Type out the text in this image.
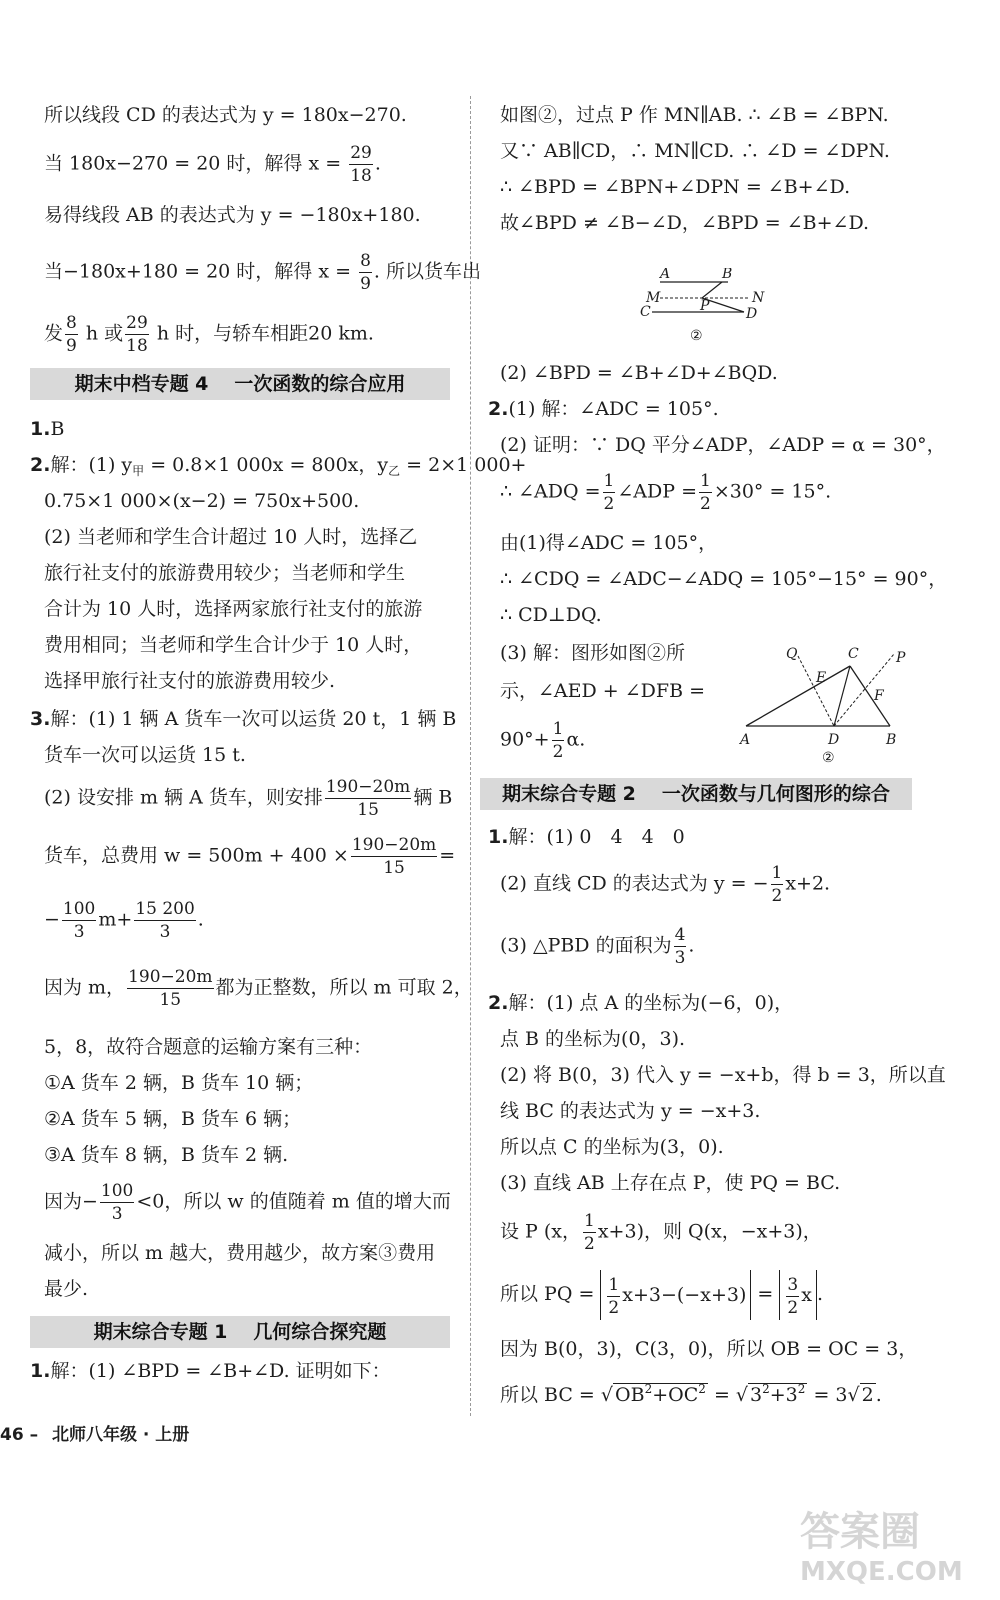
所以线段 CD 的表达式为 y = 180x−270.
当 180x−270 = 20 时，解得 $x = \frac{29}{18}$ .
易得线段 AB 的表达式为 y = −180x+180.
当−180x+180 = 20 时，解得 $x = \frac{8}{9}$ . 所以货车出
发 $\frac{8}{9}$ h 或 $\frac{29}{18}$ h 时，与轿车相距20 km.
期末中档专题 4 一次函数的综合应用
1.B
2.解：(1) $y_甲 = 0.8\times 1$ 000x = 800x，$y_乙 = 2\times 1$ 000+
0.75×1 000×(x−2) = 750x+500.
(2) 当老师和学生合计超过 10 人时，选择乙
旅行社支付的旅游费用较少；当老师和学生
合计为 10 人时，选择两家旅行社支付的旅游
费用相同；当老师和学生合计少于 10 人时，
选择甲旅行社支付的旅游费用较少.
3.解：(1) 1 辆 A 货车一次可以运货 20 t，1 辆 B
货车一次可以运货 15 t.
(2) 设安排 m 辆 A 货车，则安排 $\frac{190-20m}{15}$ 辆 B
货车，总费用 $w = 500m + 400 \times \frac{190-20m}{15}$ =
− $\frac{100}{3} m+ \frac{15 200}{3}$ .
因为 m， $\frac{190-20m}{15}$ 都为正整数，所以 m 可取 2，
5，8，故符合题意的运输方案有三种：
①A 货车 2 辆，B 货车 10 辆；
②A 货车 5 辆，B 货车 6 辆；
③A 货车 8 辆，B 货车 2 辆.
因为− $\frac{100}{3} <0$，所以 w 的值随着 m 值的增大而
减小，所以 m 越大，费用越少，故方案③费用
最少.
期末综合专题 1 几何综合探究题
1.解：(1) ∠BPD = ∠B+∠D. 证明如下：
如图②，过点 P 作 MN∥AB. ∴ ∠B = ∠BPN.
又∵ AB∥CD，∴ MN∥CD. ∴ ∠D = ∠DPN.
∴ ∠BPD = ∠BPN+∠DPN = ∠B+∠D.
故∠BPD ≠ ∠B−∠D，∠BPD = ∠B+∠D.
A	B
M	N
P
C	D
②
(2) ∠BPD = ∠B+∠D+∠BQD.
2.(1) 解：∠ADC = 105°.
(2) 证明：∵ DQ 平分∠ADP，∠ADP = α = 30°，
∴ ∠ADQ = $\frac{1}{2}$ ∠ADP = $\frac{1}{2} \times 30^\circ = 15^\circ$.
由(1)得∠ADC = 105°，
∴ ∠CDQ = ∠ADC−∠ADQ = 105°−15° = 90°，
∴ CD⊥DQ.
(3) 解：图形如图②所
示，∠AED + ∠DFB =
$90^\circ+ \frac{1}{2} \alpha$.
Q	C	P
E
F
A	D	B
②
期末综合专题 2 一次函数与几何图形的综合
1.解：(1) 0　4　4　0
(2) 直线 CD 的表达式为 y = − $\frac{1}{2} x+2$.
(3) △PBD 的面积为 $\frac{4}{3}$ .
2.解：(1) 点 A 的坐标为(−6，0)，
点 B 的坐标为(0，3).
(2) 将 B(0，3) 代入 y = −x+b，得 b = 3，所以直
线 BC 的表达式为 y = −x+3.
所以点 C 的坐标为(3，0).
(3) 直线 AB 上存在点 P，使 PQ = BC.
设 P (x， $\frac{1}{2} x+3$)，则 Q(x，−x+3)，
所以 PQ = $\frac{1}{2} x+3-(-x+3) = \frac{3}{2}$ x .
因为 B(0，3)，C(3，0)，所以 OB = OC = 3，
所以 BC = √ $OB^2+OC^2$ = √ $3^2+3^2 = 3√$ 2 .
46 – 北师八年级 · 上册
答案圈
MXQE.COM
